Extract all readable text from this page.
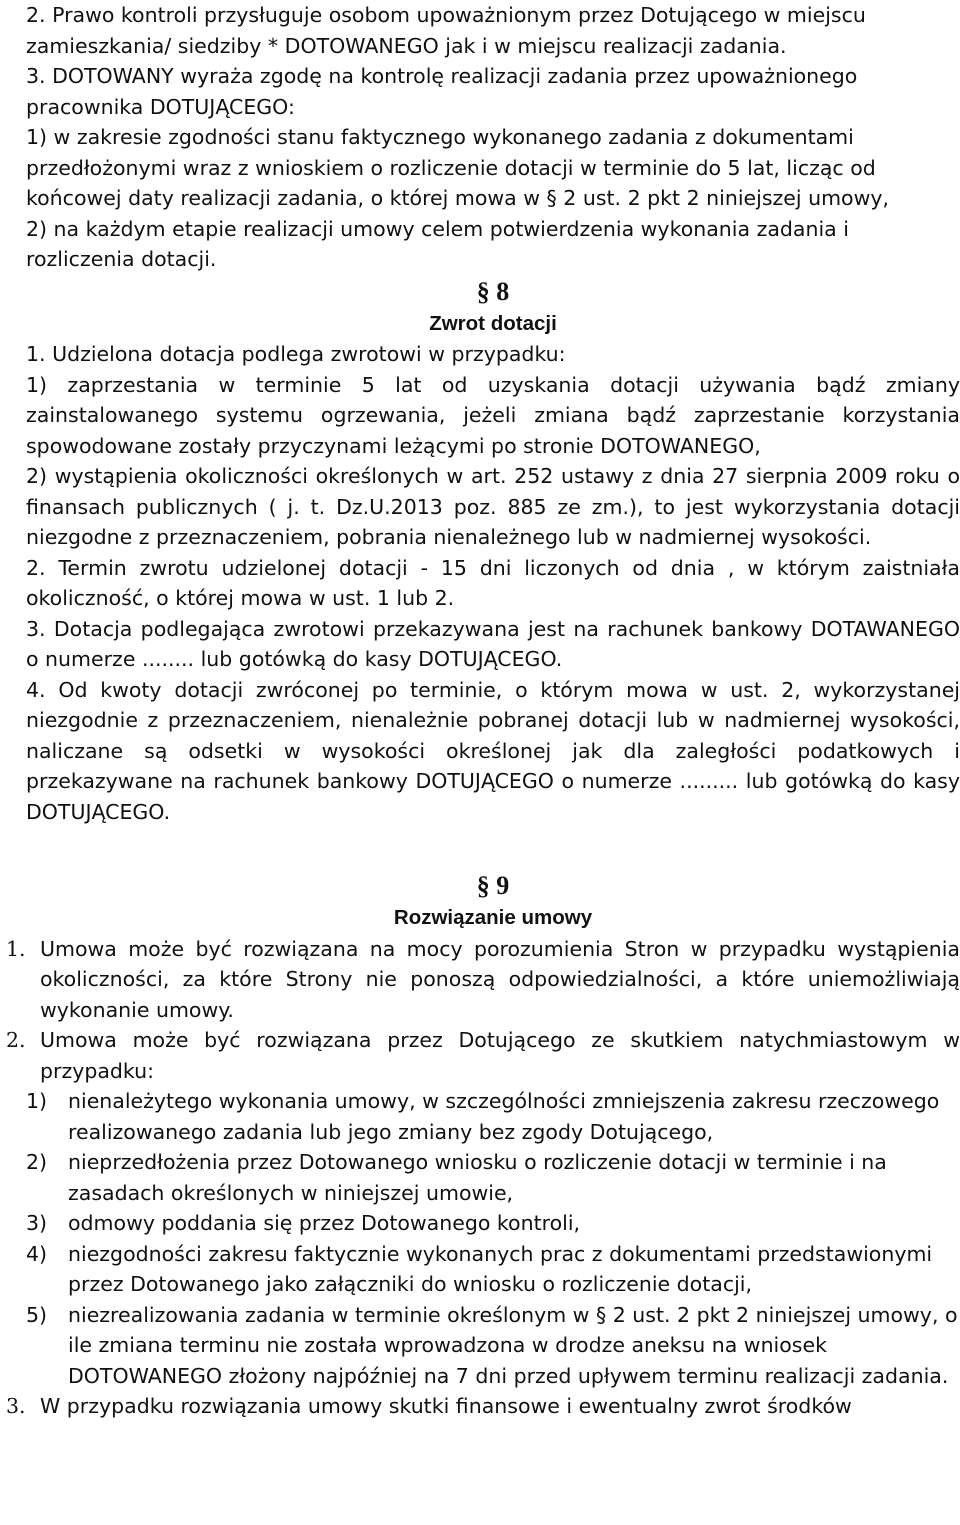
2. Prawo kontroli przysługuje osobom upoważnionym przez Dotującego w miejscu zamieszkania/ siedziby * DOTOWANEGO jak i w miejscu realizacji zadania.

3. DOTOWANY wyraża zgodę na kontrolę realizacji zadania przez upoważnionego pracownika DOTUJĄCEGO:

1) w zakresie zgodności stanu faktycznego wykonanego zadania z dokumentami przedłożonymi wraz z wnioskiem o rozliczenie dotacji w terminie do 5 lat, licząc od końcowej daty realizacji zadania, o której mowa w § 2 ust. 2 pkt 2 niniejszej umowy,

2) na każdym etapie realizacji umowy celem potwierdzenia wykonania zadania i rozliczenia dotacji.

§ 8

Zwrot dotacji

1. Udzielona dotacja podlega zwrotowi w przypadku:

1) zaprzestania w terminie 5 lat od uzyskania dotacji używania bądź zmiany zainstalowanego systemu ogrzewania, jeżeli zmiana bądź zaprzestanie korzystania spowodowane zostały przyczynami leżącymi po stronie DOTOWANEGO,

2) wystąpienia okoliczności określonych w art. 252 ustawy z dnia 27 sierpnia 2009 roku o finansach publicznych ( j. t. Dz.U.2013 poz. 885 ze zm.), to jest wykorzystania dotacji niezgodne z przeznaczeniem, pobrania nienależnego lub w nadmiernej wysokości.

2. Termin zwrotu udzielonej dotacji - 15 dni liczonych od dnia , w którym zaistniała okoliczność, o której mowa w ust. 1 lub 2.

3. Dotacja podlegająca zwrotowi przekazywana jest na rachunek bankowy DOTAWANEGO o numerze ........ lub gotówką do kasy DOTUJĄCEGO.

4. Od kwoty dotacji zwróconej po terminie, o którym mowa w ust. 2, wykorzystanej niezgodnie z przeznaczeniem, nienależnie pobranej dotacji lub w nadmiernej wysokości, naliczane są odsetki w wysokości określonej jak dla zaległości podatkowych i przekazywane na rachunek bankowy DOTUJĄCEGO o numerze ......... lub gotówką do kasy DOTUJĄCEGO.

§ 9

Rozwiązanie umowy

1. Umowa może być rozwiązana na mocy porozumienia Stron w przypadku wystąpienia okoliczności, za które Strony nie ponoszą odpowiedzialności, a które uniemożliwiają wykonanie umowy.
2. Umowa może być rozwiązana przez Dotującego ze skutkiem natychmiastowym w przypadku:
1)	nienależytego wykonania umowy, w szczególności zmniejszenia zakresu rzeczowego realizowanego zadania lub jego zmiany bez zgody Dotującego,
2)	nieprzedłożenia przez Dotowanego wniosku o rozliczenie dotacji w terminie i na zasadach określonych w niniejszej umowie,
3)	odmowy poddania się przez Dotowanego kontroli,
4)	niezgodności zakresu faktycznie wykonanych prac z dokumentami przedstawionymi przez Dotowanego jako załączniki do wniosku o rozliczenie dotacji,
5)	niezrealizowania zadania w terminie określonym w § 2 ust. 2 pkt 2 niniejszej umowy, o ile zmiana terminu nie została wprowadzona w drodze aneksu na wniosek DOTOWANEGO złożony najpóźniej na 7 dni przed upływem terminu realizacji zadania.
3. W przypadku rozwiązania umowy skutki finansowe i ewentualny zwrot środków
